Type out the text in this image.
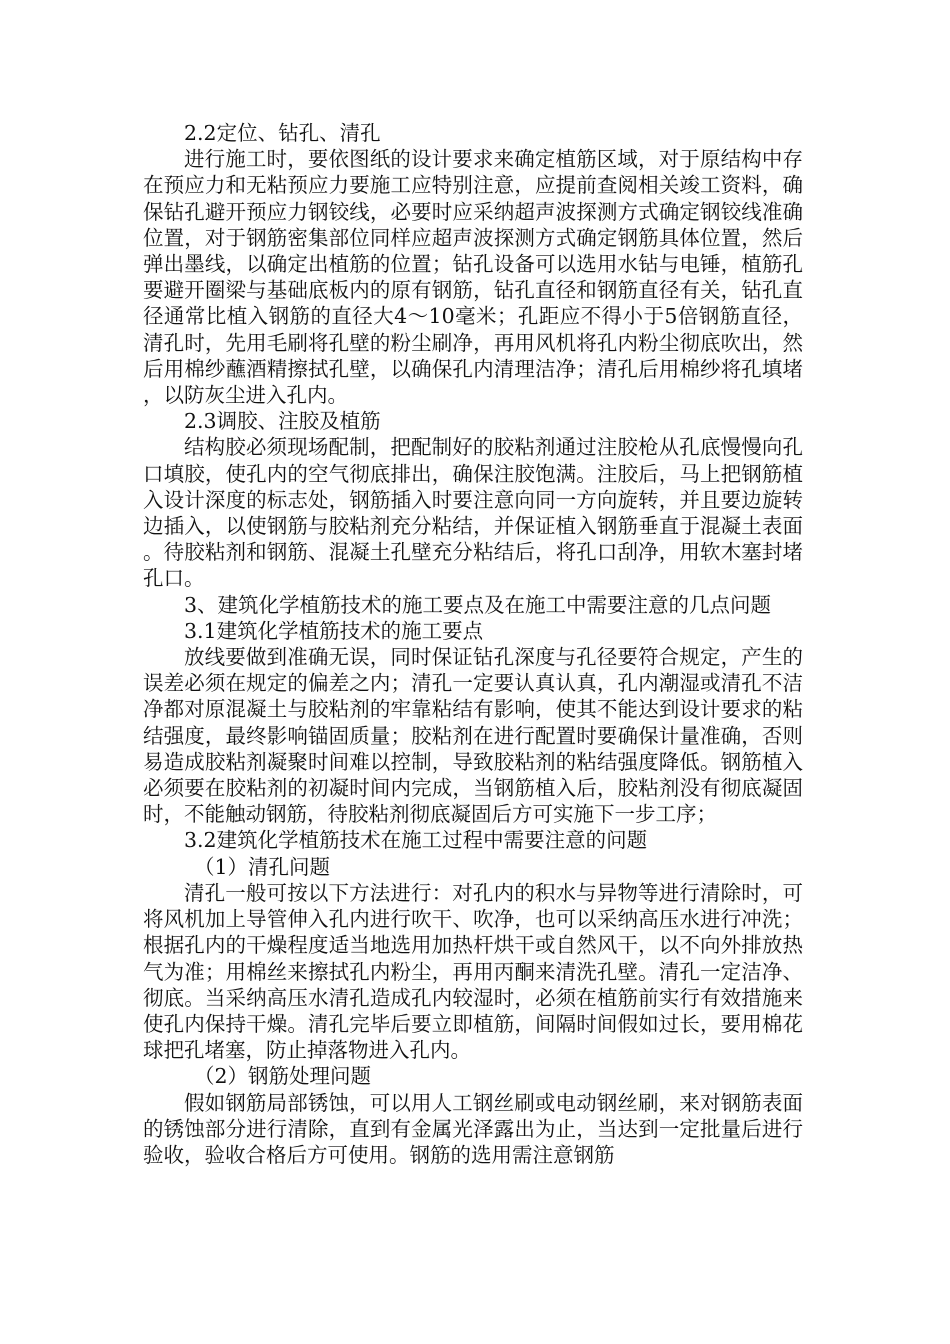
2.2定位、钻孔、清孔

进行施工时，要依图纸的设计要求来确定植筋区域，对于原结构中存在预应力和无粘预应力要施工应特别注意，应提前查阅相关竣工资料，确保钻孔避开预应力钢铰线，必要时应采纳超声波探测方式确定钢铰线准确位置，对于钢筋密集部位同样应超声波探测方式确定钢筋具体位置，然后弹出墨线，以确定出植筋的位置；钻孔设备可以选用水钻与电锤，植筋孔要避开圈梁与基础底板内的原有钢筋，钻孔直径和钢筋直径有关，钻孔直径通常比植入钢筋的直径大4～10毫米；孔距应不得小于5倍钢筋直径，清孔时，先用毛刷将孔壁的粉尘刷净，再用风机将孔内粉尘彻底吹出，然后用棉纱蘸酒精擦拭孔壁，以确保孔内清理洁净；清孔后用棉纱将孔填堵，以防灰尘进入孔内。

2.3调胶、注胶及植筋

结构胶必须现场配制，把配制好的胶粘剂通过注胶枪从孔底慢慢向孔口填胶，使孔内的空气彻底排出，确保注胶饱满。注胶后，马上把钢筋植入设计深度的标志处，钢筋插入时要注意向同一方向旋转，并且要边旋转边插入，以使钢筋与胶粘剂充分粘结，并保证植入钢筋垂直于混凝土表面。待胶粘剂和钢筋、混凝土孔壁充分粘结后，将孔口刮净，用软木塞封堵孔口。

3、建筑化学植筋技术的施工要点及在施工中需要注意的几点问题

3.1建筑化学植筋技术的施工要点

放线要做到准确无误，同时保证钻孔深度与孔径要符合规定，产生的误差必须在规定的偏差之内；清孔一定要认真认真，孔内潮湿或清孔不洁净都对原混凝土与胶粘剂的牢靠粘结有影响，使其不能达到设计要求的粘结强度，最终影响锚固质量；胶粘剂在进行配置时要确保计量准确，否则易造成胶粘剂凝聚时间难以控制，导致胶粘剂的粘结强度降低。钢筋植入必须要在胶粘剂的初凝时间内完成，当钢筋植入后，胶粘剂没有彻底凝固时，不能触动钢筋，待胶粘剂彻底凝固后方可实施下一步工序；

3.2建筑化学植筋技术在施工过程中需要注意的问题

（1）清孔问题

清孔一般可按以下方法进行：对孔内的积水与异物等进行清除时，可将风机加上导管伸入孔内进行吹干、吹净，也可以采纳高压水进行冲洗；根据孔内的干燥程度适当地选用加热杆烘干或自然风干，以不向外排放热气为准；用棉丝来擦拭孔内粉尘，再用丙酮来清洗孔壁。清孔一定洁净、彻底。当采纳高压水清孔造成孔内较湿时，必须在植筋前实行有效措施来使孔内保持干燥。清孔完毕后要立即植筋，间隔时间假如过长，要用棉花球把孔堵塞，防止掉落物进入孔内。

（2）钢筋处理问题

假如钢筋局部锈蚀，可以用人工钢丝刷或电动钢丝刷，来对钢筋表面的锈蚀部分进行清除，直到有金属光泽露出为止，当达到一定批量后进行验收，验收合格后方可使用。钢筋的选用需注意钢筋
